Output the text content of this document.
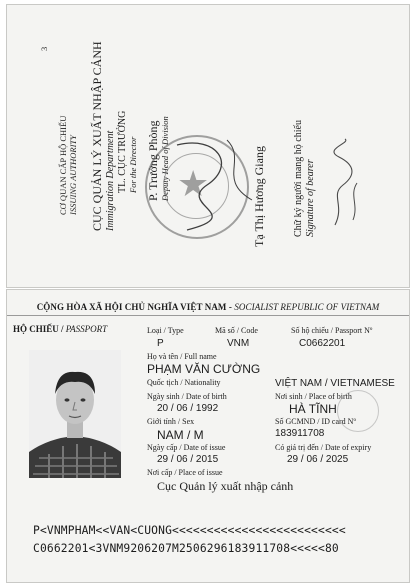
3
CƠ QUAN CẤP HỘ CHIẾU ISSUING AUTHORITY CỤC QUẢN LÝ XUẤT NHẬP CẢNH Immigration Department TL. CỤC TRƯỞNG For the Director P. Trưởng Phòng Deputy Head of Division ★	Tạ Thị Hương Giang	Chữ ký người mang hộ chiếu Signature of bearer
CỘNG HÒA XÃ HỘI CHỦ NGHĨA VIỆT NAM - SOCIALIST REPUBLIC OF VIETNAM
HỘ CHIẾU / PASSPORT	Loại / Type
P
Mã số / Code
VNM
Số hộ chiếu / Passport Nº
C0662201
Họ và tên / Full name
PHẠM VĂN CƯỜNG
Quốc tịch / Nationality	VIỆT NAM / VIETNAMESE
Ngày sinh / Date of birth
20 / 06 / 1992
Nơi sinh / Place of birth
HÀ TĨNH
Giới tính / Sex
NAM / M
Số GCMND / ID card Nº
183911708
Ngày cấp / Date of issue
29 / 06 / 2015
Có giá trị đến / Date of expiry
29 / 06 / 2025
Nơi cấp / Place of issue
Cục Quản lý xuất nhập cảnh
P<VNMPHAM<<VAN<CUONG<<<<<<<<<<<<<<<<<<<<<<<<<
C0662201<3VNM9206207M2506296183911708<<<<<80
